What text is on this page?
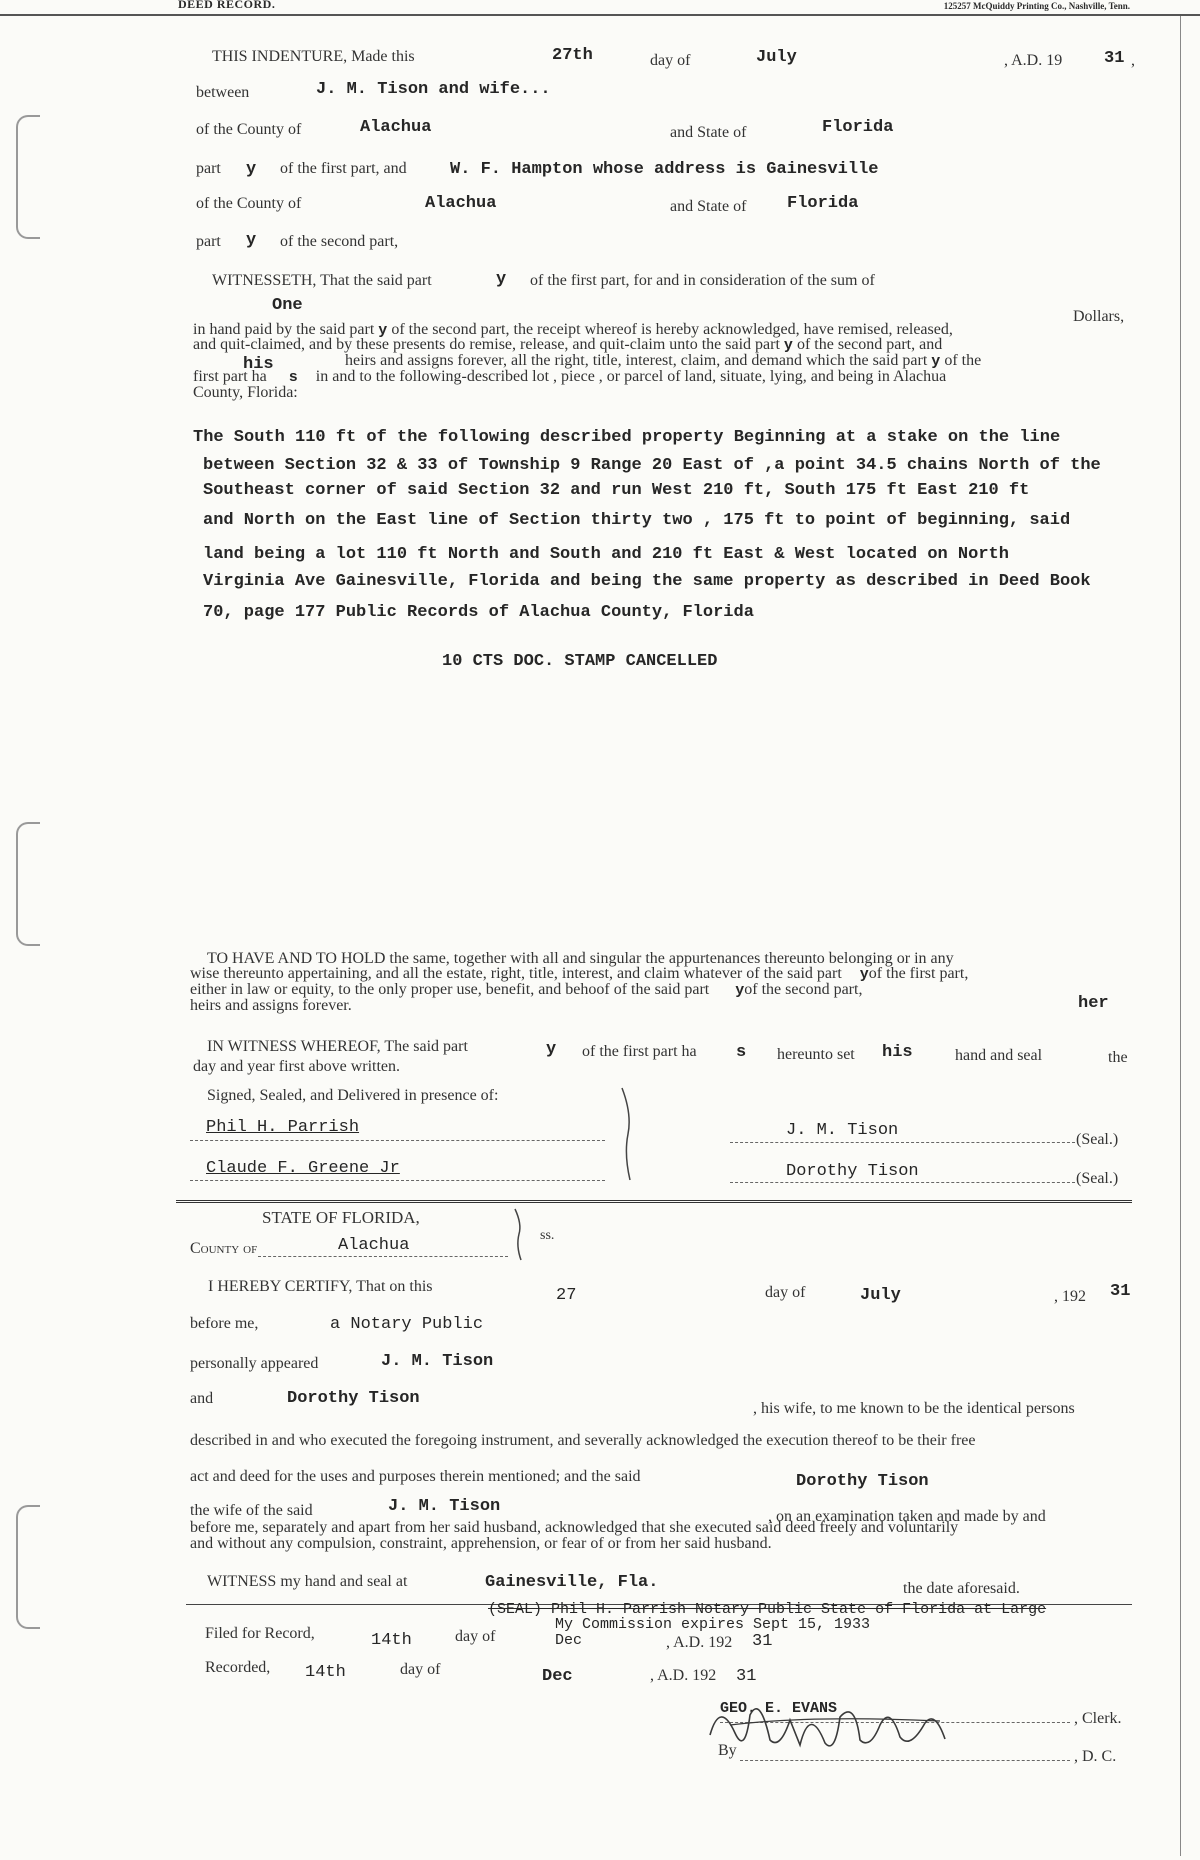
DEED RECORD.	125257 McQuiddy Printing Co., Nashville, Tenn.
THIS INDENTURE, Made this	27th	day of	July	, A.D. 19 31 ,
between	J. M. Tison and wife...
of the County of	Alachua	and State of	Florida
part y of the first part, and	W. F. Hampton whose address is Gainesville
of the County of	Alachua	and State of Florida
part y of the second part,
WITNESSETH, That the said part	y of the first part, for and in consideration of the sum of
One
Dollars,
in hand paid by the said part y of the second part, the receipt whereof is hereby acknowledged, have remised, released,
and quit-claimed, and by these presents do remise, release, and quit-claim unto the said part y of the second part, and
his	heirs and assigns forever, all the right, title, interest, claim, and demand which the said part y of the
first part ha s in and to the following-described lot , piece , or parcel of land, situate, lying, and being in Alachua
County, Florida:
The South 110 ft of the following described property Beginning at a stake on the line
between Section 32 & 33 of Township 9 Range 20 East of ,a point 34.5 chains North of the
Southeast corner of said Section 32 and run West 210 ft, South 175 ft East 210 ft
and North on the East line of Section thirty two , 175 ft to point of beginning, said
land being a lot 110 ft North and South and 210 ft East & West located on North
Virginia Ave Gainesville, Florida and being the same property as described in Deed Book
70, page 177 Public Records of Alachua County, Florida
10 CTS DOC. STAMP CANCELLED
TO HAVE AND TO HOLD the same, together with all and singular the appurtenances thereunto belonging or in any
wise thereunto appertaining, and all the estate, right, title, interest, and claim whatever of the said part yof the first part,
either in law or equity, to the only proper use, benefit, and behoof of the said part yof the second part,
her
heirs and assigns forever.
IN WITNESS WHEREOF, The said part	y of the first part ha s hereunto set his	hand and seal	the
day and year first above written.
Signed, Sealed, and Delivered in presence of:
Phil H. Parrish	J. M. Tison	(Seal.)
Claude F. Greene Jr	Dorothy Tison	(Seal.)
STATE OF FLORIDA,
County of	Alachua
ss.
I HEREBY CERTIFY, That on this	27	day of	July	, 192 31
before me,	a Notary Public
personally appeared	J. M. Tison
and	Dorothy Tison
, his wife, to me known to be the identical persons
described in and who executed the foregoing instrument, and severally acknowledged the execution thereof to be their free
act and deed for the uses and purposes therein mentioned; and the said	Dorothy Tison
the wife of the said	J. M. Tison
, on an examination taken and made by and
before me, separately and apart from her said husband, acknowledged that she executed said deed freely and voluntarily
and without any compulsion, constraint, apprehension, or fear of or from her said husband.
WITNESS my hand and seal at	Gainesville, Fla.	the date aforesaid.
(SEAL) Phil H. Parrish Notary Public State of Florida at Large
My Commission expires Sept 15, 1933
Filed for Record,	14th	day of	Dec	, A.D. 192 31
Recorded, 14th	day of	Dec	, A.D. 192 31
GEO. E. EVANS
, Clerk.
By	, D. C.
